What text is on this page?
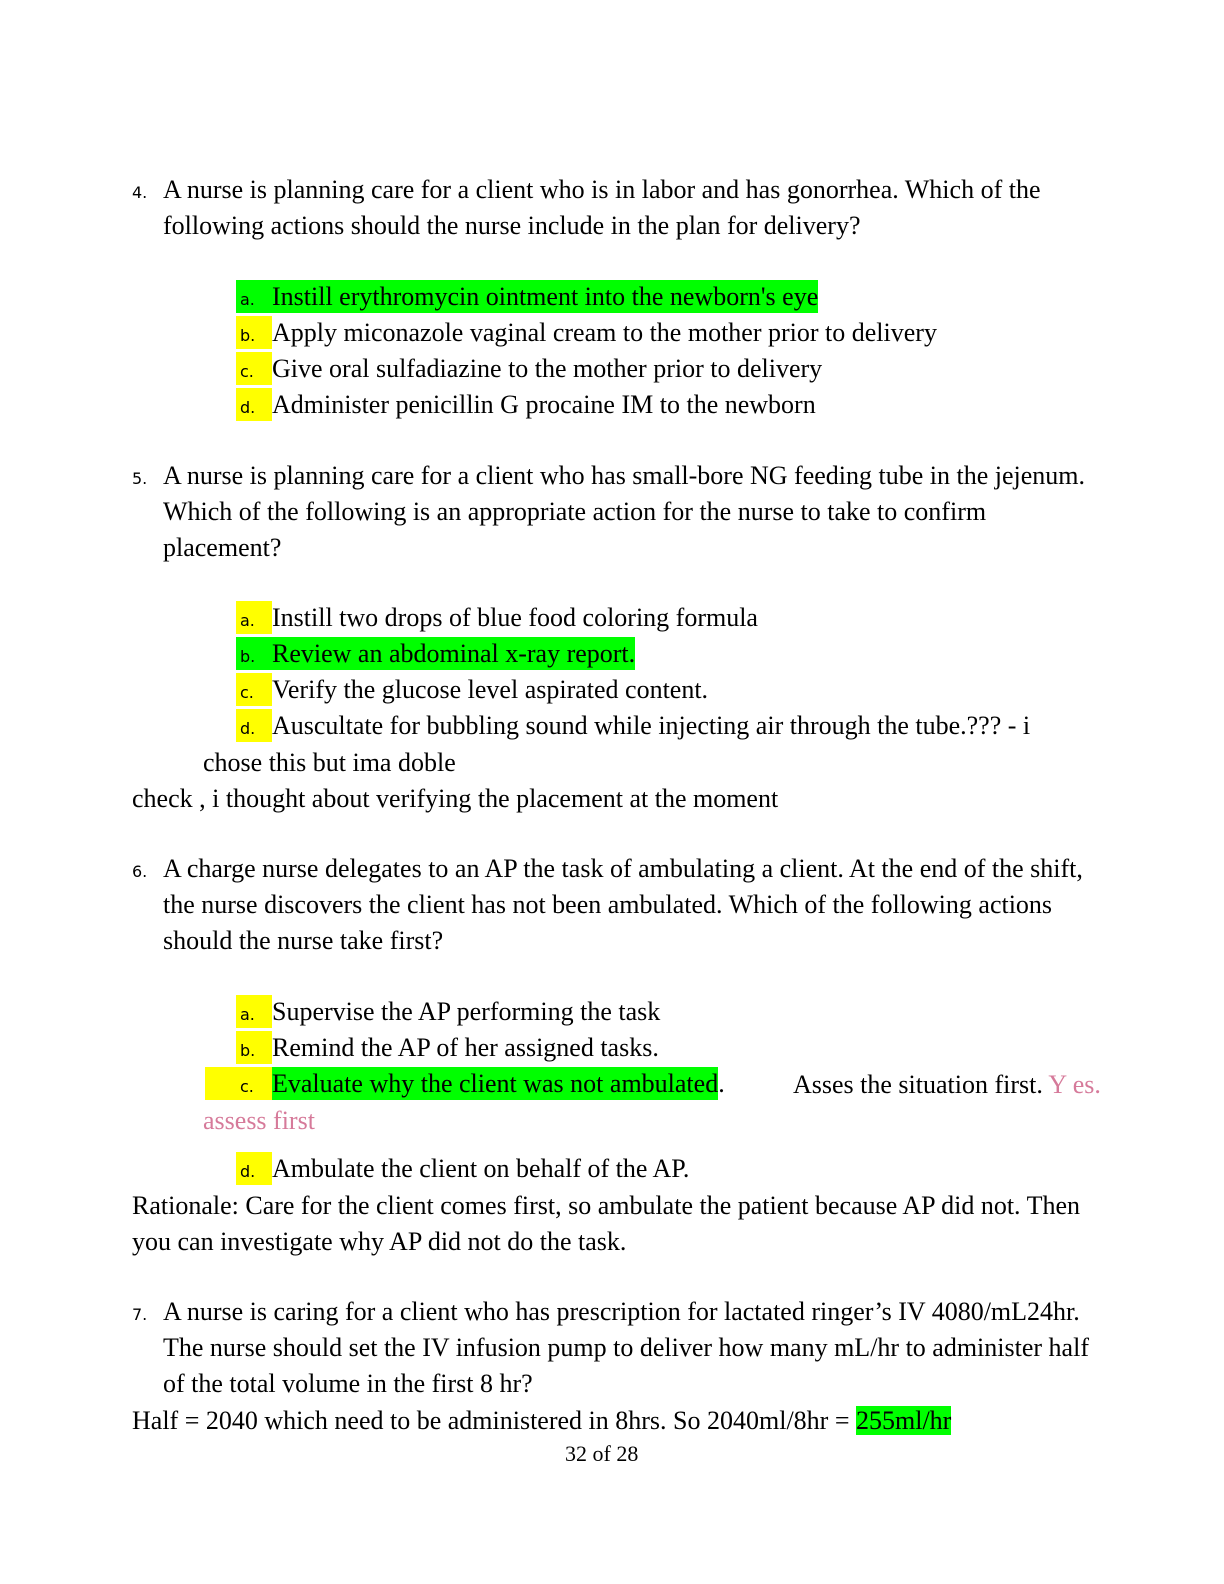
4. A nurse is planning care for a client who is in labor and has gonorrhea. Which of the
following actions should the nurse include in the plan for delivery?
a. Instill erythromycin ointment into the newborn's eye
b. Apply miconazole vaginal cream to the mother prior to delivery
c. Give oral sulfadiazine to the mother prior to delivery
d. Administer penicillin G procaine IM to the newborn
5. A nurse is planning care for a client who has small-bore NG feeding tube in the jejenum.
Which of the following is an appropriate action for the nurse to take to confirm
placement?
a. Instill two drops of blue food coloring formula
b. Review an abdominal x-ray report.
c. Verify the glucose level aspirated content.
d. Auscultate for bubbling sound while injecting air through the tube.??? - i
chose this but ima doble
check , i thought about verifying the placement at the moment
6. A charge nurse delegates to an AP the task of ambulating a client. At the end of the shift,
the nurse discovers the client has not been ambulated. Which of the following actions
should the nurse take first?
a. Supervise the AP performing the task
b. Remind the AP of her assigned tasks.
c. Evaluate why the client was not ambulated.	Asses the situation first. Y es.
assess first
d. Ambulate the client on behalf of the AP.
Rationale: Care for the client comes first, so ambulate the patient because AP did not. Then
you can investigate why AP did not do the task.
7. A nurse is caring for a client who has prescription for lactated ringer’s IV 4080/mL24hr.
The nurse should set the IV infusion pump to deliver how many mL/hr to administer half
of the total volume in the first 8 hr?
Half = 2040 which need to be administered in 8hrs. So 2040ml/8hr = 255ml/hr
32 of 28
